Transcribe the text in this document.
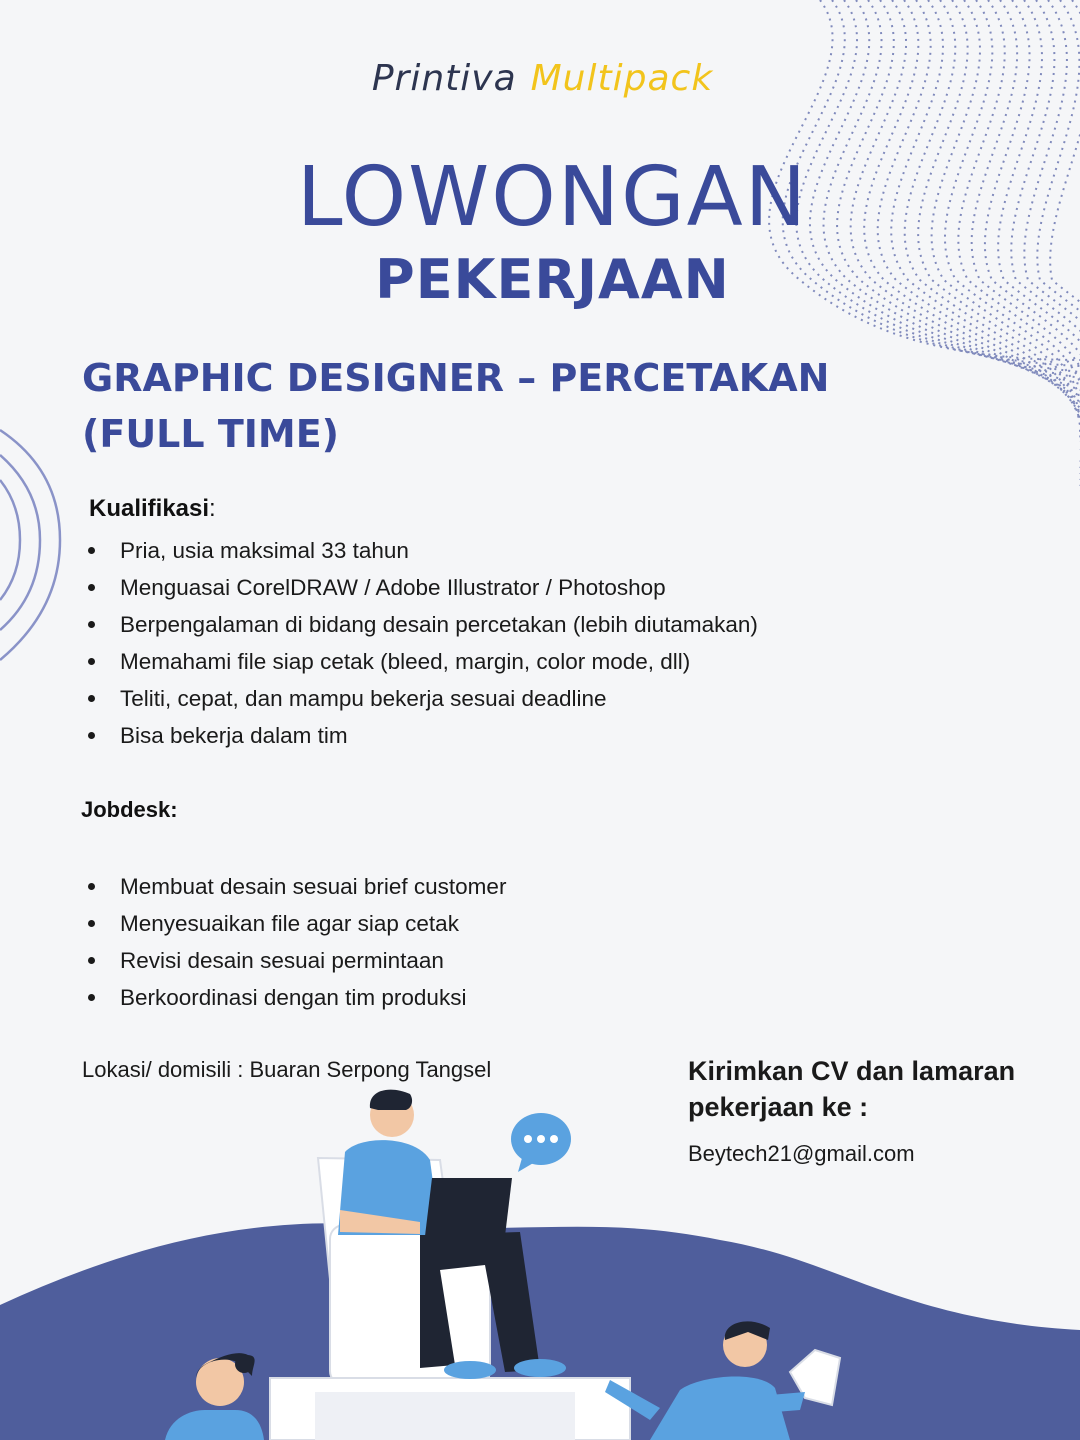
Printiva Multipack
LOWONGAN
PEKERJAAN
GRAPHIC DESIGNER – PERCETAKAN
(FULL TIME)
Kualifikasi:
Pria, usia maksimal 33 tahun
Menguasai CorelDRAW / Adobe Illustrator / Photoshop
Berpengalaman di bidang desain percetakan (lebih diutamakan)
Memahami file siap cetak (bleed, margin, color mode, dll)
Teliti, cepat, dan mampu bekerja sesuai deadline
Bisa bekerja dalam tim
Jobdesk:
Membuat desain sesuai brief customer
Menyesuaikan file agar siap cetak
Revisi desain sesuai permintaan
Berkoordinasi dengan tim produksi
Lokasi/ domisili : Buaran Serpong Tangsel	Kirimkan CV dan lamaran
pekerjaan ke :
Beytech21@gmail.com
